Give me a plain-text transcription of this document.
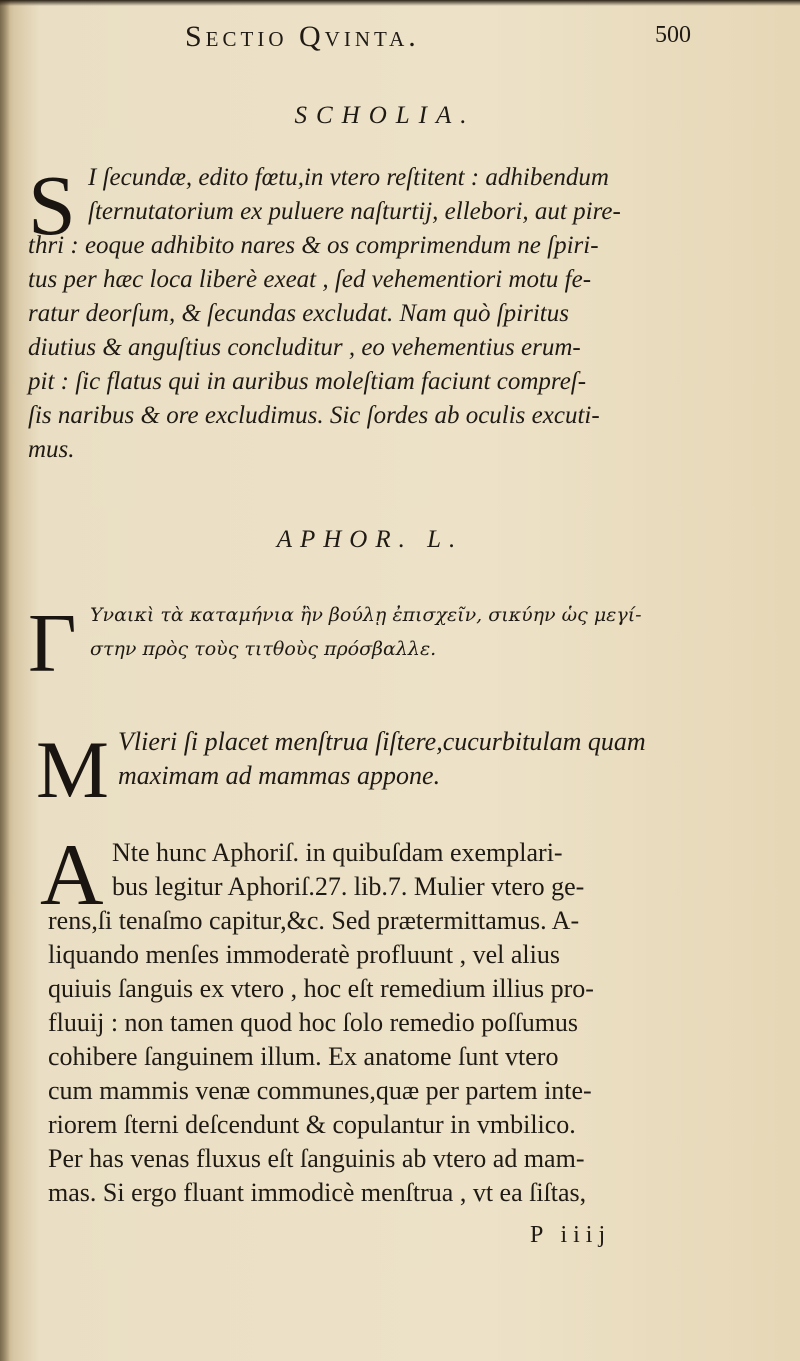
Sectio Qvinta.	500
SCHOLIA.
S I ſecundæ, edito fœtu,in vtero reſtitent : adhibendum
ſternutatorium ex puluere naſturtij, ellebori, aut pire-
thri : eoque adhibito nares & os comprimendum ne ſpiri-
tus per hæc loca liberè exeat , ſed vehementiori motu fe-
ratur deorſum, & ſecundas excludat. Nam quò ſpiritus
diutius & anguſtius concluditur , eo vehementius erum-
pit : ſic flatus qui in auribus moleſtiam faciunt compreſ-
ſis naribus & ore excludimus. Sic ſordes ab oculis excuti-
mus.
APHOR. L.
Γ Υναικὶ τὰ καταμήνια ἢν βούλῃ ἐπισχεῖν, σικύην ὡς μεγί-
στην πρὸς τοὺς τιτθοὺς πρόσβαλλε.
M Vlieri ſi placet menſtrua ſiſtere,cucurbitulam quam
maximam ad mammas appone.
A Nte hunc Aphoriſ. in quibuſdam exemplari-
bus legitur Aphoriſ.27. lib.7. Mulier vtero ge-
rens,ſi tenaſmo capitur,&c. Sed prætermittamus. A-
liquando menſes immoderatè profluunt , vel alius
quiuis ſanguis ex vtero , hoc eſt remedium illius pro-
fluuij : non tamen quod hoc ſolo remedio poſſumus
cohibere ſanguinem illum. Ex anatome ſunt vtero
cum mammis venæ communes,quæ per partem inte-
riorem ſterni deſcendunt & copulantur in vmbilico.
Per has venas fluxus eſt ſanguinis ab vtero ad mam-
mas. Si ergo fluant immodicè menſtrua , vt ea ſiſtas,
P iiij
